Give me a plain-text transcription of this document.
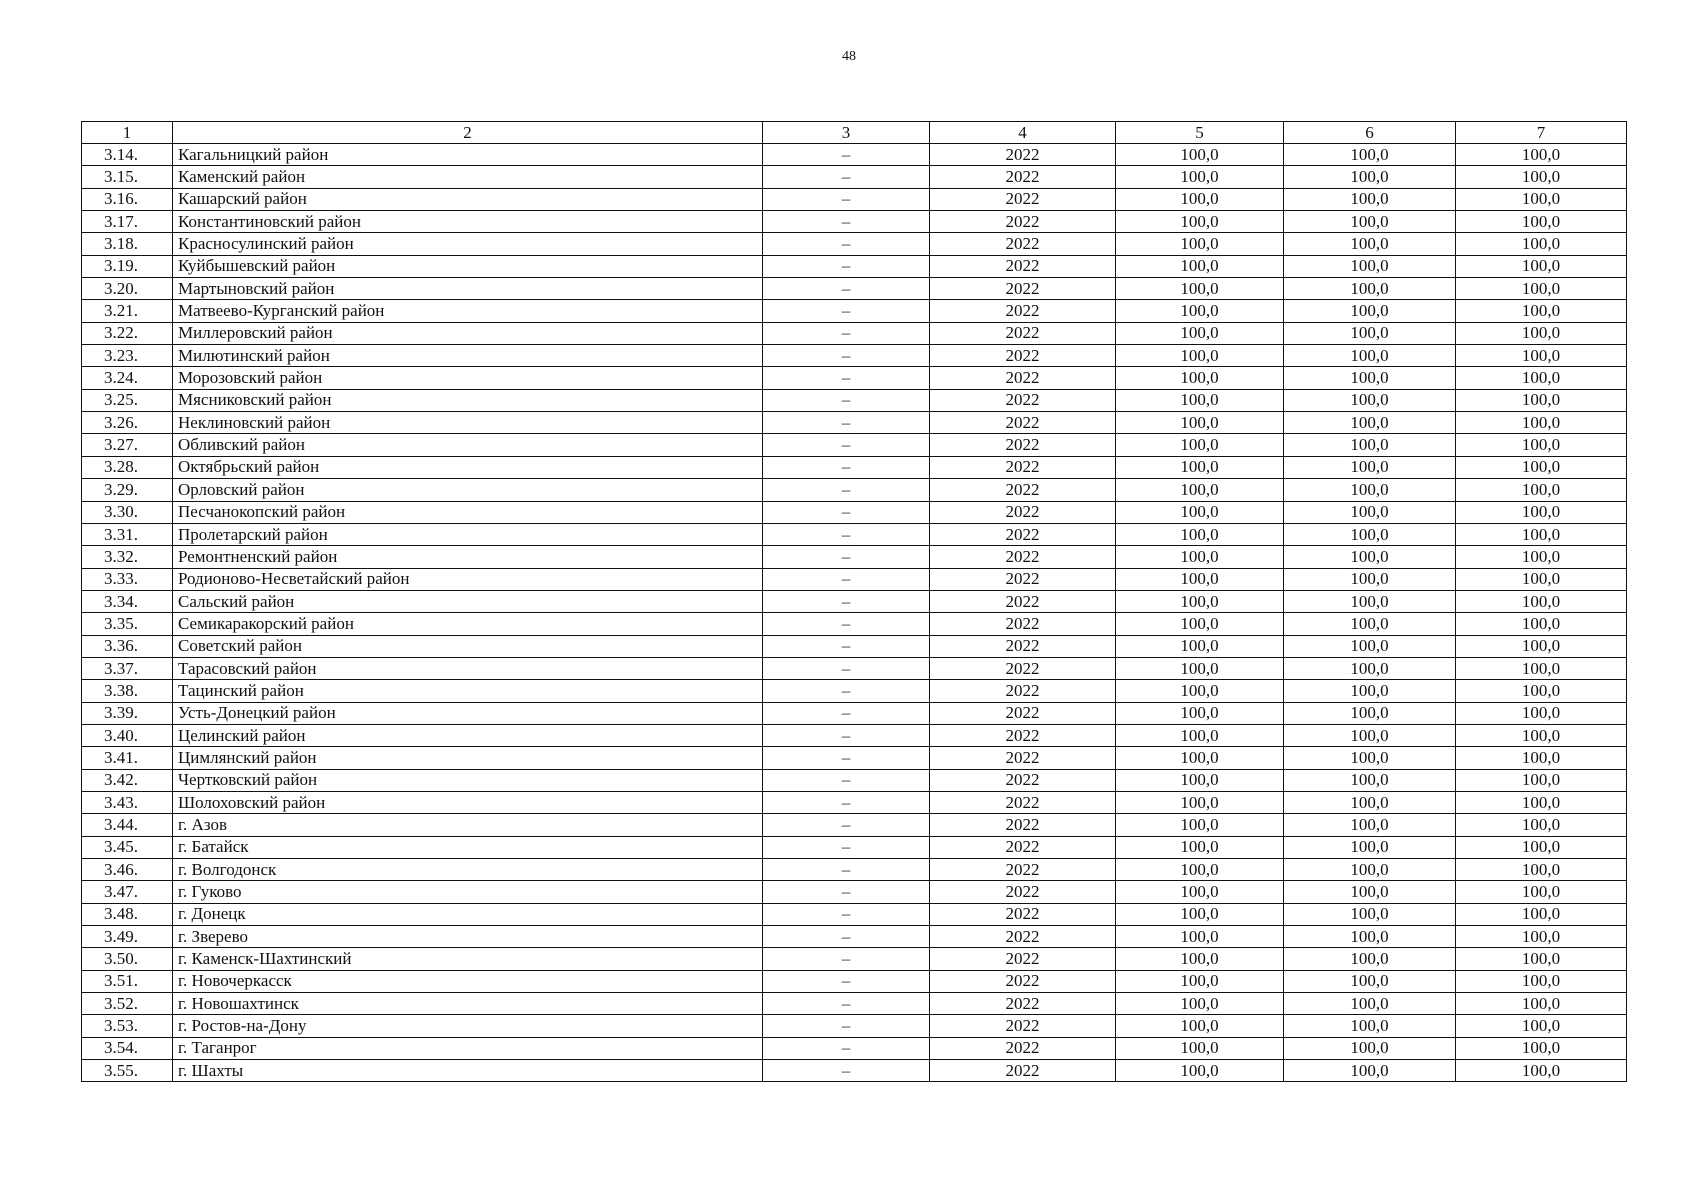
48
1	2	3	4	5	6	7
3.14.	Кагальницкий район	–	2022	100,0	100,0	100,0
3.15.	Каменский район	–	2022	100,0	100,0	100,0
3.16.	Кашарский район	–	2022	100,0	100,0	100,0
3.17.	Константиновский район	–	2022	100,0	100,0	100,0
3.18.	Красносулинский район	–	2022	100,0	100,0	100,0
3.19.	Куйбышевский район	–	2022	100,0	100,0	100,0
3.20.	Мартыновский район	–	2022	100,0	100,0	100,0
3.21.	Матвеево-Курганский район	–	2022	100,0	100,0	100,0
3.22.	Миллеровский район	–	2022	100,0	100,0	100,0
3.23.	Милютинский район	–	2022	100,0	100,0	100,0
3.24.	Морозовский район	–	2022	100,0	100,0	100,0
3.25.	Мясниковский район	–	2022	100,0	100,0	100,0
3.26.	Неклиновский район	–	2022	100,0	100,0	100,0
3.27.	Обливский район	–	2022	100,0	100,0	100,0
3.28.	Октябрьский район	–	2022	100,0	100,0	100,0
3.29.	Орловский район	–	2022	100,0	100,0	100,0
3.30.	Песчанокопский район	–	2022	100,0	100,0	100,0
3.31.	Пролетарский район	–	2022	100,0	100,0	100,0
3.32.	Ремонтненский район	–	2022	100,0	100,0	100,0
3.33.	Родионово-Несветайский район	–	2022	100,0	100,0	100,0
3.34.	Сальский район	–	2022	100,0	100,0	100,0
3.35.	Семикаракорский район	–	2022	100,0	100,0	100,0
3.36.	Советский район	–	2022	100,0	100,0	100,0
3.37.	Тарасовский район	–	2022	100,0	100,0	100,0
3.38.	Тацинский район	–	2022	100,0	100,0	100,0
3.39.	Усть-Донецкий район	–	2022	100,0	100,0	100,0
3.40.	Целинский район	–	2022	100,0	100,0	100,0
3.41.	Цимлянский район	–	2022	100,0	100,0	100,0
3.42.	Чертковский район	–	2022	100,0	100,0	100,0
3.43.	Шолоховский район	–	2022	100,0	100,0	100,0
3.44.	г. Азов	–	2022	100,0	100,0	100,0
3.45.	г. Батайск	–	2022	100,0	100,0	100,0
3.46.	г. Волгодонск	–	2022	100,0	100,0	100,0
3.47.	г. Гуково	–	2022	100,0	100,0	100,0
3.48.	г. Донецк	–	2022	100,0	100,0	100,0
3.49.	г. Зверево	–	2022	100,0	100,0	100,0
3.50.	г. Каменск-Шахтинский	–	2022	100,0	100,0	100,0
3.51.	г. Новочеркасск	–	2022	100,0	100,0	100,0
3.52.	г. Новошахтинск	–	2022	100,0	100,0	100,0
3.53.	г. Ростов-на-Дону	–	2022	100,0	100,0	100,0
3.54.	г. Таганрог	–	2022	100,0	100,0	100,0
3.55.	г. Шахты	–	2022	100,0	100,0	100,0
